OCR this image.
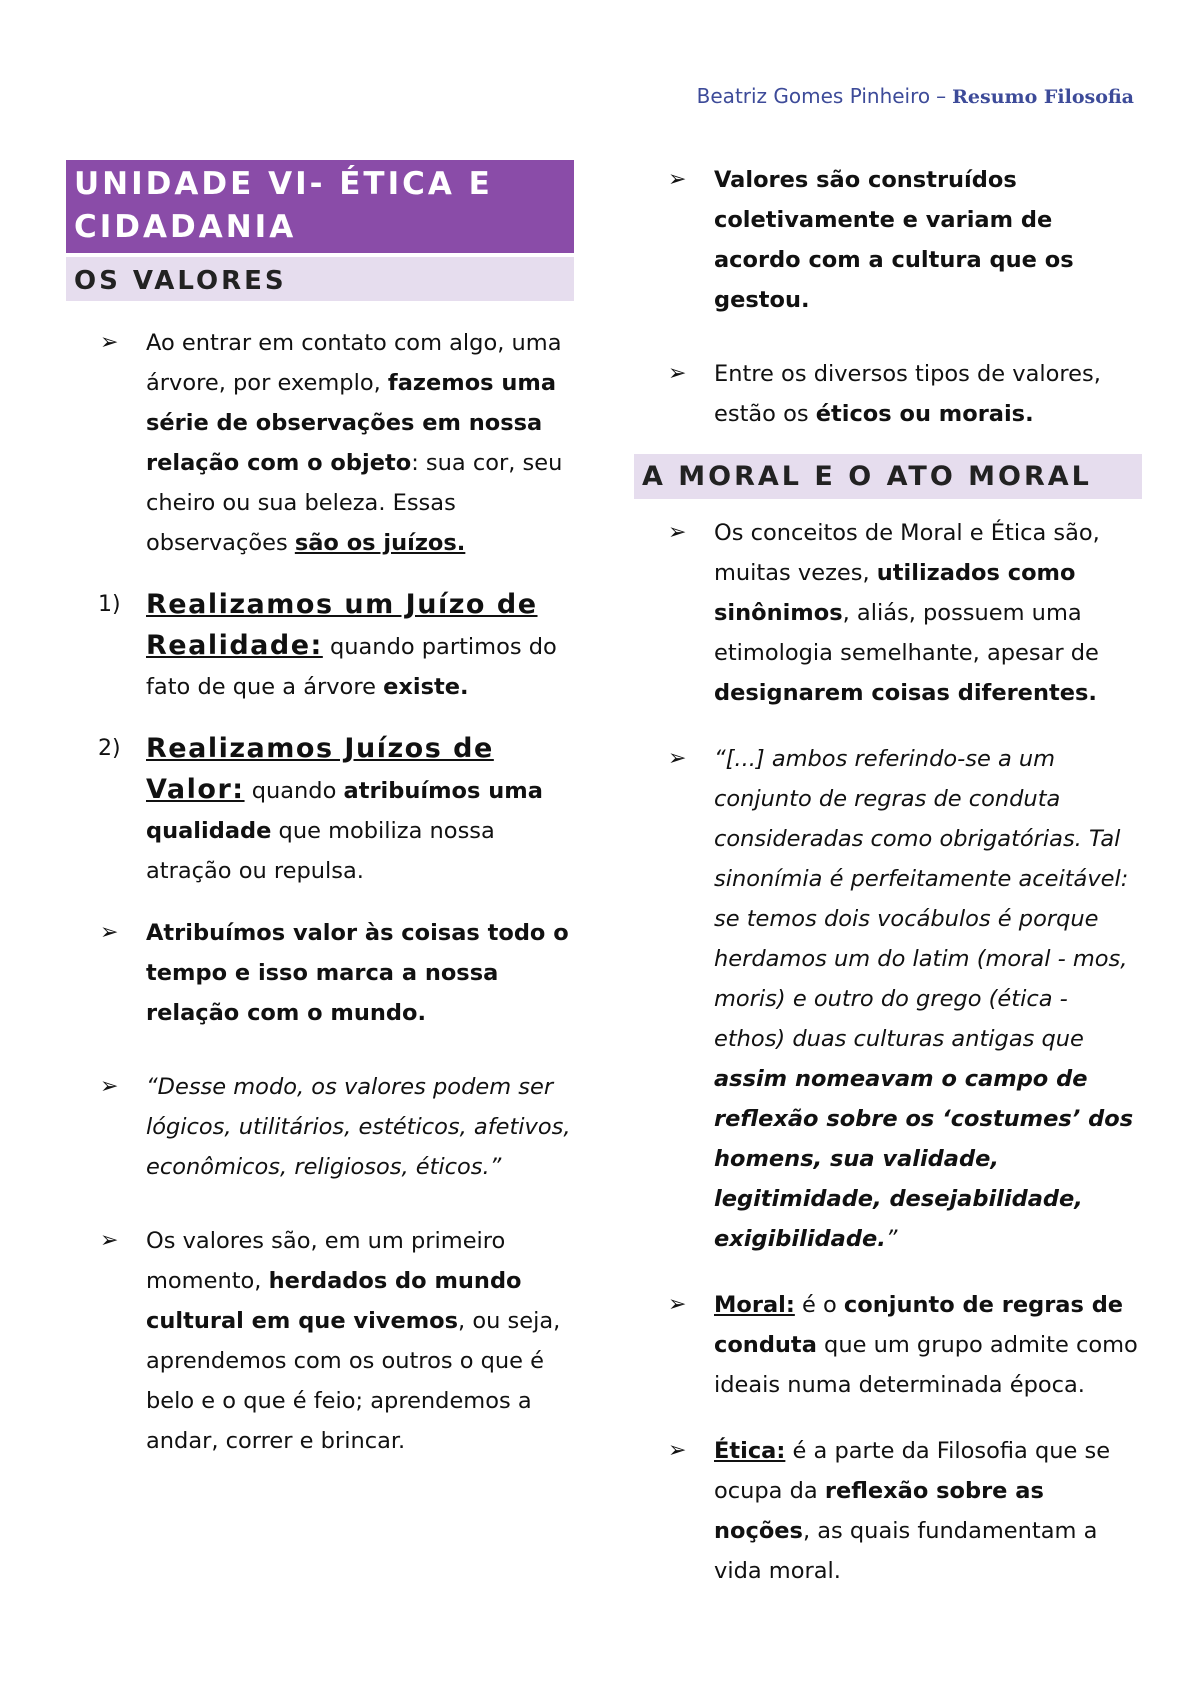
Beatriz Gomes Pinheiro – Resumo Filosofia
UNIDADE VI- ÉTICA E
CIDADANIA
OS VALORES
➢ Ao entrar em contato com algo, uma árvore, por exemplo, fazemos uma série de observações em nossa relação com o objeto: sua cor, seu cheiro ou sua beleza. Essas observações são os juízos.
1) Realizamos um Juízo de Realidade: quando partimos do fato de que a árvore existe.
2) Realizamos Juízos de Valor: quando atribuímos uma qualidade que mobiliza nossa atração ou repulsa.
➢ Atribuímos valor às coisas todo o tempo e isso marca a nossa relação com o mundo.
➢ “Desse modo, os valores podem ser lógicos, utilitários, estéticos, afetivos, econômicos, religiosos, éticos.”
➢ Os valores são, em um primeiro momento, herdados do mundo cultural em que vivemos, ou seja, aprendemos com os outros o que é belo e o que é feio; aprendemos a andar, correr e brincar.
➢ Valores são construídos coletivamente e variam de acordo com a cultura que os gestou.
➢ Entre os diversos tipos de valores, estão os éticos ou morais.
A MORAL E O ATO MORAL
➢ Os conceitos de Moral e Ética são, muitas vezes, utilizados como sinônimos, aliás, possuem uma etimologia semelhante, apesar de designarem coisas diferentes.
➢ “[...] ambos referindo-se a um conjunto de regras de conduta consideradas como obrigatórias. Tal sinonímia é perfeitamente aceitável: se temos dois vocábulos é porque herdamos um do latim (moral - mos, moris) e outro do grego (ética - ethos) duas culturas antigas que assim nomeavam o campo de reflexão sobre os ‘costumes’ dos homens, sua validade, legitimidade, desejabilidade, exigibilidade.”
➢ Moral: é o conjunto de regras de conduta que um grupo admite como ideais numa determinada época.
➢ Ética: é a parte da Filosofia que se ocupa da reflexão sobre as noções, as quais fundamentam a vida moral.
